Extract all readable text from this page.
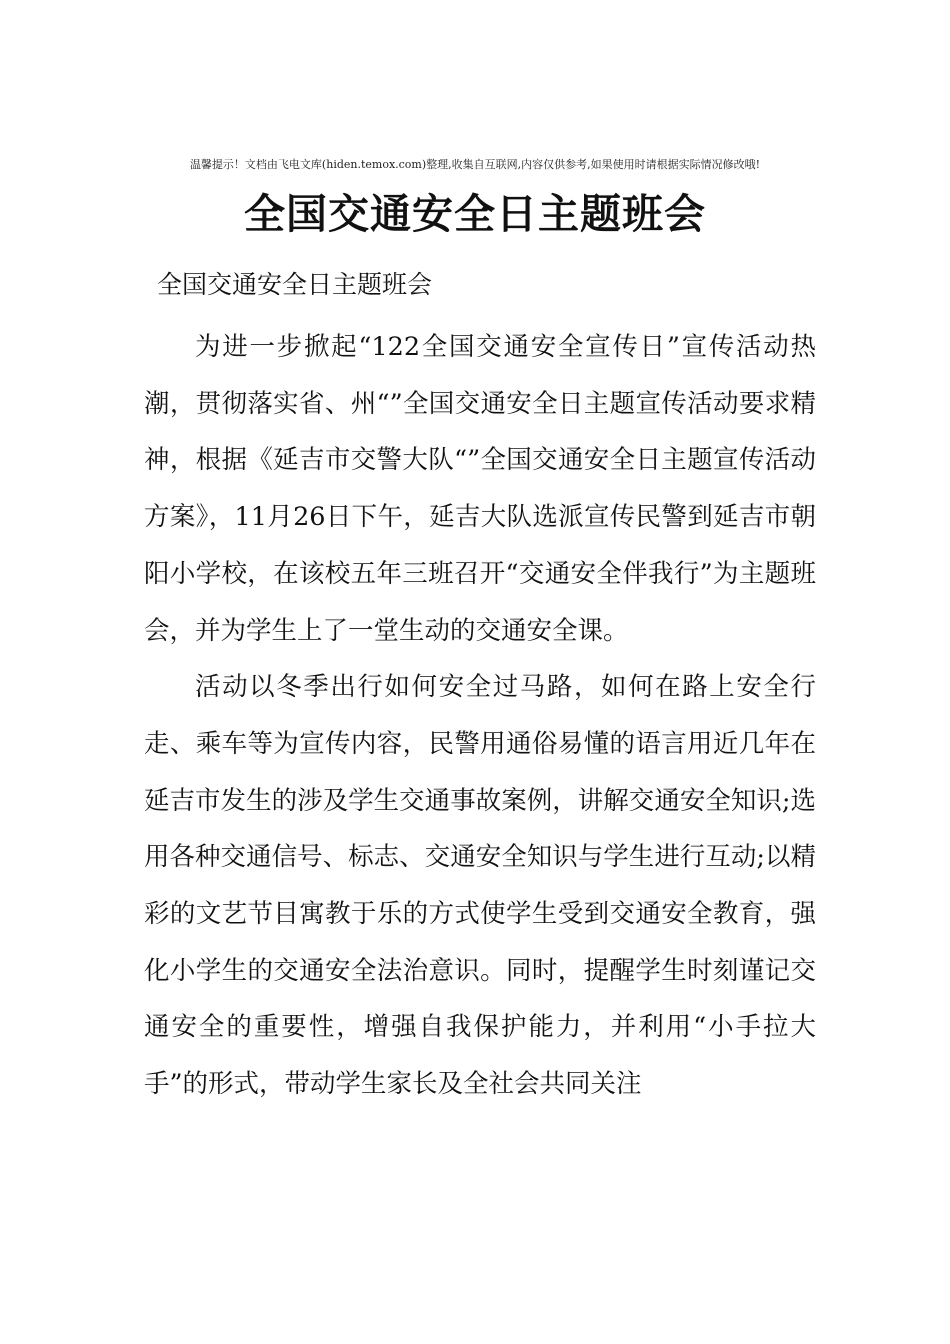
温馨提示！文档由飞电文库(hiden.temox.com)整理,收集自互联网,内容仅供参考,如果使用时请根据实际情况修改哦!
全国交通安全日主题班会
全国交通安全日主题班会

为进一步掀起“122全国交通安全宣传日”宣传活动热潮，贯彻落实省、州“”全国交通安全日主题宣传活动要求精神，根据《延吉市交警大队“”全国交通安全日主题宣传活动方案》，11月26日下午，延吉大队选派宣传民警到延吉市朝阳小学校，在该校五年三班召开“交通安全伴我行”为主题班会，并为学生上了一堂生动的交通安全课。

活动以冬季出行如何安全过马路，如何在路上安全行走、乘车等为宣传内容，民警用通俗易懂的语言用近几年在延吉市发生的涉及学生交通事故案例，讲解交通安全知识;选用各种交通信号、标志、交通安全知识与学生进行互动;以精彩的文艺节目寓教于乐的方式使学生受到交通安全教育，强化小学生的交通安全法治意识。同时，提醒学生时刻谨记交通安全的重要性，增强自我保护能力，并利用“小手拉大手”的形式，带动学生家长及全社会共同关注
